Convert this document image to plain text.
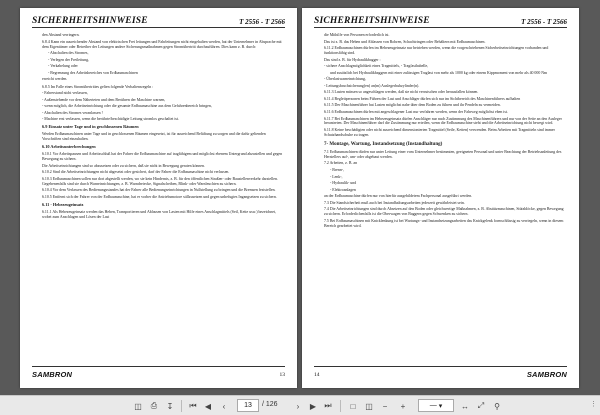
SICHERHEITSHINWEISE	T 2556 - T 2566

den Abstand verringern.

6.8.4 Kann ein ausreichender Abstand von elektrischen Frei leitungen und Fahrleitungen nicht eingehalten werden, hat der Unternehmer in Absprache mit dem Eigentümer oder Betreiber der Leitungen andere Sicherungsmaßnahmen gegen Stromübertritt durchzuführen. Dies kann z. B. durch:

- Abschalten des Stromes,

- Verlegen der Freileitung,

- Verkabelung oder

- Begrenzung des Arbeitsbereiches von Erdbaumaschinen

erreicht werden.

6.8.5 Im Falle eines Stromübertrittes gelten folgende Verhaltensregeln :

- Fahrerstand nicht verlassen,

- Außenstehende vor dem Näherteten und dem Berühren der Maschine warnen,

- wenn möglich, die Arbeitseinrichtung oder die gesamte Erdbaumaschine aus dem Gefahrenbereich bringen,

- Abschalten des Stromes veranlassen !

- Machine erst verlassen, wenn die berührte/beschädigte Leitung stromlos geschaltet ist.

6.9 Einsatz unter Tage und in geschlossenen Räumen

Werden Erdbaumaschinen unter Tage und in geschlossenen Räumen eingesetzt, ist für ausreichend Belüftung zu sorgen und die dafür geltenden Vorschriften sind einzuhalten.

6.10 Arbeitsunterbrechungen

6.10.1 Vor Arbeitspausen und Arbeitsschluß hat der Fahrer die Erdbaumaschine auf tragfähigem und möglichst ebenem Untergrund abzustellen und gegen Bewegung zu sichern.

Die Arbeitseinrichtungen sind so abzusetzen oder zu sichern, daß sie nicht in Bewegung geraten können.

6.10.2 Sind die Arbeitseinrichtungen nicht abgesetzt oder gesichert, darf der Fahrer die Erdbaumaschine nicht verlassen.

6.10.3 Erdbaumaschinen sollen nur dort abgestellt werden, wo sie kein Hindernis, z. B. für den öffentlichen Straßen- oder Baustellenverkehr darstellen. Gegebenenfalls sind sie durch Warneinrichtungen, z. B. Warndreiecke, Signalscheiben, Blink- oder Warnleuchten zu sichern.

6.10.4 Vor dem Verlassen des Bedienungsstandes hat der Fahrer alle Bedienungseinrichtungen in Nullstellung zu bringen und die Bremsen feststellen.

6.10.5 Entfernt sich der Fahrer von der Erdbaumaschine, hat er vorher die Antriebsmotore stillzusetzen und gegen unbefugtes Ingangsetzen zu sichern.

6.11 - Hebezeugeinsatz

6.11.1 Als Hebezeugeinsatz werden das Heben, Transportieren und Ablassen von Lasten mit Hilfe eines Anschlagmittels (Seil, Kette usw.) bezeichnet, wobei zum Anschlagen und Lösen der Last

SAMBRON	13
SICHERHEITSHINWEISE	T 2556 - T 2566

die Mithilfe von Personen erforderlich ist.

Das ist z. B. das Heben und Ablassen von Rohren, Schachtringen oder Behältern mit Erdbaumaschinen.

6.11.2 Erdbaumaschinen dürfen im Hebezeugeinsatz nur betrieben werden, wenn die vorgeschriebenen Sicherheitseinrichtungen vorhanden und funktionsfähig sind.

Das sind z. B. für Hydraulikbagger :

- sichere Anschlagmöglichkeit eines Tragmittels, - Tragfasthabelle,

und zusätzlich bei Hydraulikbaggern mit einer zulässigen Traglast von mehr als 1000 kg oder einem Kippmoment von mehr als 40 000 Nm

- Überlastwarneinrichtung,

- Leitungsbruchsicherung(en) an(m) Auslegerhubzylinder(n).

6.11.3 Lasten müssen so angeschlagen werden, daß sie nicht verrutschen oder herausfallen können.

6.11.4 Begleitpersonen beim Führen der Last und Anschläger dürfen sich nur im Sichtbereich des Maschinenführers aufhalten

6.11.5 Der Maschinenführer hat Lasten möglichst nahe über dem Boden zu führen und ihr Pendeln zu vermeiden.

6.11.6 Erdbaumaschinen dürfen mit angeschlagener Last nur verfahren werden, wenn der Fahrweg möglichst eben ist.

6.11.7 Bei Erdbaumaschinen im Hebezeugeinsatz dürfen Anschläger nur nach Zustimmung des Maschinenführers und nur von der Seite an den Ausleger herantreten. Der Maschinenführer darf die Zustimmung nur erteilen, wenn die Erdbaumaschine steht und die Arbeitseinrichtung nicht bewegt wird.

6.11.8 Keine beschädigten oder nicht ausreichend dimensionierten Tragmittel (Seile, Ketten) verwenden. Beim Arbeiten mit Tragmitteln sind immer Schutzhandschuhe zu tragen.

7- Montage, Wartung, Instandsetzung (Instandhaltung)

7.1 Erdbaumaschinen dürfen nur unter Leitung einer vom Unternehmer bestimmten, geeigneten Personal und unter Beachtung der Betriebsanleitung des Herstellers auf-, um- oder abgebaut werden.

7.2 Arbeiten, z. B. an

- Brenn-,

- Lenk-,

- Hydraulik- und

- Elektroanlagen

an der Erdbaumaschine dürfen nur von hierfür ausgebildetem Fachpersonal ausgeführt werden.

7.3 Die Standsicherheit muß auch bei Instandhaltungsarbeiten jederzeit gewährleistet sein.

7.4 Die Arbeitseinrichtungen sind durch Absetzen auf den Boden oder gleichwertige Maßnahmen, z. B. Abstützmaschinen, Stützblöcke, gegen Bewegung zu sichern. Erforderlichenfalls ist die Oberwagen von Baggern gegen Schwenken zu sichern.

7.5 Bei Erdbaumaschinen mit Knicklenkung ist bei Wartungs- und Instandsetzungsarbeiten das Knickgelenk formschlüssig zu verriegeln, wenn in diesem Bereich gearbeitet wird.

14	SAMBRON
◫	⎙	↧	⏮	◀	‹
13	/ 126	›	▶	⏭	□	◫	−	+	— ▾	↔	⤢	⚲	⋮
